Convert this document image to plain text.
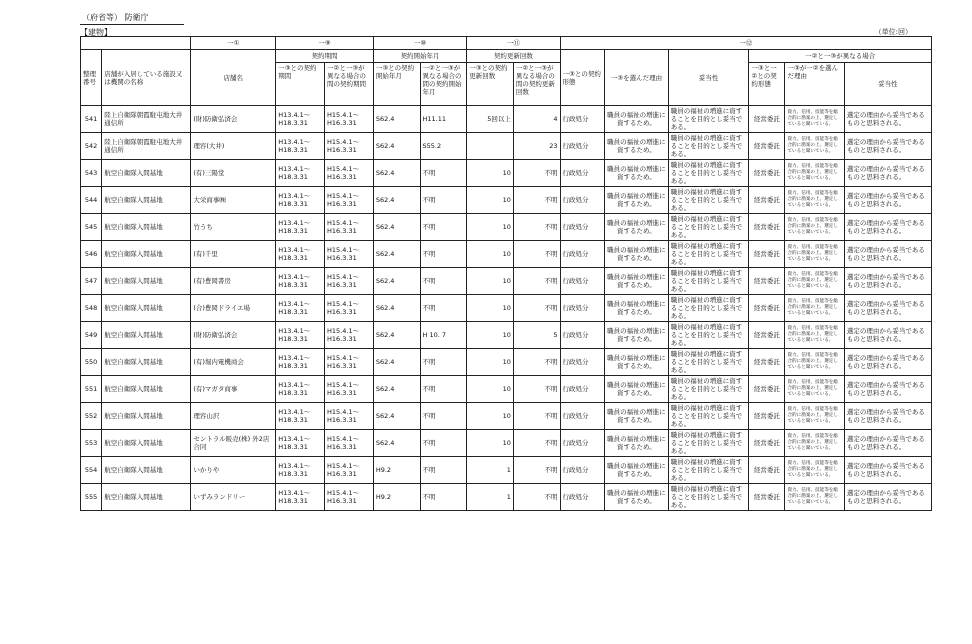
（府省等） 防衛庁
【建物】	（単位:回）
		一①	一⑨		一⑩		一⑪		一⑫					
整理番号	店舗が入居している施設又は機関の名称	店舗名	契約期間		契約開始年月		契約更新回数		一③との契約形態	一③を選んだ理由	妥当性	一②と一③が異なる場合		
			一③との契約期間	一②と一③が異なる場合の間の契約期間	一③との契約開始年月	一②と一③が異なる場合の間の契約開始年月	一③との契約更新回数	一②と一③が異なる場合の間の契約更新回数				一③と一②との契約形態	一③が一②を選んだ理由	妥当性
541	陸上自衛隊朝霞駐屯地大井通信所	(財)防衛弘済会	H13.4.1〜H18.3.31	H15.4.1〜H16.3.31	S62.4	H11.11	5回以上	4	行政処分	職員の福祉の増進に資するため。	職員の福祉の増進に資することを目的とし妥当である。	経営委託	資力、信用、技能等を総合的に勘案の上、選定していると聞いている。	選定の理由から妥当であるものと思料される。
542	陸上自衛隊朝霞駐屯地大井通信所	理容(大井)	H13.4.1〜H18.3.31	H15.4.1〜H16.3.31	S62.4	S55.2		23	行政処分	職員の福祉の増進に資するため。	職員の福祉の増進に資することを目的とし妥当である。	経営委託	資力、信用、技能等を総合的に勘案の上、選定していると聞いている。	選定の理由から妥当であるものと思料される。
543	航空自衛隊入間基地	(有)三陽堂	H13.4.1〜H18.3.31	H15.4.1〜H16.3.31	S62.4	不明	10	不明	行政処分	職員の福祉の増進に資するため。	職員の福祉の増進に資することを目的とし妥当である。	経営委託	資力、信用、技能等を総合的に勘案の上、選定していると聞いている。	選定の理由から妥当であるものと思料される。
544	航空自衛隊入間基地	大栄商事㈱	H13.4.1〜H18.3.31	H15.4.1〜H16.3.31	S62.4	不明	10	不明	行政処分	職員の福祉の増進に資するため。	職員の福祉の増進に資することを目的とし妥当である。	経営委託	資力、信用、技能等を総合的に勘案の上、選定していると聞いている。	選定の理由から妥当であるものと思料される。
545	航空自衛隊入間基地	竹うち	H13.4.1〜H18.3.31	H15.4.1〜H16.3.31	S62.4	不明	10	不明	行政処分	職員の福祉の増進に資するため。	職員の福祉の増進に資することを目的とし妥当である。	経営委託	資力、信用、技能等を総合的に勘案の上、選定していると聞いている。	選定の理由から妥当であるものと思料される。
546	航空自衛隊入間基地	(有)千里	H13.4.1〜H18.3.31	H15.4.1〜H16.3.31	S62.4	不明	10	不明	行政処分	職員の福祉の増進に資するため。	職員の福祉の増進に資することを目的とし妥当である。	経営委託	資力、信用、技能等を総合的に勘案の上、選定していると聞いている。	選定の理由から妥当であるものと思料される。
547	航空自衛隊入間基地	(有)豊岡書房	H13.4.1〜H18.3.31	H15.4.1〜H16.3.31	S62.4	不明	10	不明	行政処分	職員の福祉の増進に資するため。	職員の福祉の増進に資することを目的とし妥当である。	経営委託	資力、信用、技能等を総合的に勘案の上、選定していると聞いている。	選定の理由から妥当であるものと思料される。
548	航空自衛隊入間基地	(合)豊岡ドライエ場	H13.4.1〜H18.3.31	H15.4.1〜H16.3.31	S62.4	不明	10	不明	行政処分	職員の福祉の増進に資するため。	職員の福祉の増進に資することを目的とし妥当である。	経営委託	資力、信用、技能等を総合的に勘案の上、選定していると聞いている。	選定の理由から妥当であるものと思料される。
549	航空自衛隊入間基地	(財)防衛弘済会	H13.4.1〜H18.3.31	H15.4.1〜H16.3.31	S62.4	H 10. 7	10	5	行政処分	職員の福祉の増進に資するため。	職員の福祉の増進に資することを目的とし妥当である。	経営委託	資力、信用、技能等を総合的に勘案の上、選定していると聞いている。	選定の理由から妥当であるものと思料される。
550	航空自衛隊入間基地	(有)堀内電機商会	H13.4.1〜H18.3.31	H15.4.1〜H16.3.31	S62.4	不明	10	不明	行政処分	職員の福祉の増進に資するため。	職員の福祉の増進に資することを目的とし妥当である。	経営委託	資力、信用、技能等を総合的に勘案の上、選定していると聞いている。	選定の理由から妥当であるものと思料される。
551	航空自衛隊入間基地	(有)マガタ商事	H13.4.1〜H18.3.31	H15.4.1〜H16.3.31	S62.4	不明	10	不明	行政処分	職員の福祉の増進に資するため。	職員の福祉の増進に資することを目的とし妥当である。	経営委託	資力、信用、技能等を総合的に勘案の上、選定していると聞いている。	選定の理由から妥当であるものと思料される。
552	航空自衛隊入間基地	理容山沢	H13.4.1〜H18.3.31	H15.4.1〜H16.3.31	S62.4	不明	10	不明	行政処分	職員の福祉の増進に資するため。	職員の福祉の増進に資することを目的とし妥当である。	経営委託	資力、信用、技能等を総合的に勘案の上、選定していると聞いている。	選定の理由から妥当であるものと思料される。
553	航空自衛隊入間基地	セントラル販売(株) 外2店合同	H13.4.1〜H18.3.31	H15.4.1〜H16.3.31	S62.4	不明	10	不明	行政処分	職員の福祉の増進に資するため。	職員の福祉の増進に資することを目的とし妥当である。	経営委託	資力、信用、技能等を総合的に勘案の上、選定していると聞いている。	選定の理由から妥当であるものと思料される。
554	航空自衛隊入間基地	いかりや	H13.4.1〜H18.3.31	H15.4.1〜H16.3.31	H9.2	不明	1	不明	行政処分	職員の福祉の増進に資するため。	職員の福祉の増進に資することを目的とし妥当である。	経営委託	資力、信用、技能等を総合的に勘案の上、選定していると聞いている。	選定の理由から妥当であるものと思料される。
555	航空自衛隊入間基地	いずみランドリー	H13.4.1〜H18.3.31	H15.4.1〜H16.3.31	H9.2	不明	1	不明	行政処分	職員の福祉の増進に資するため。	職員の福祉の増進に資することを目的とし妥当である。	経営委託	資力、信用、技能等を総合的に勘案の上、選定していると聞いている。	選定の理由から妥当であるものと思料される。
